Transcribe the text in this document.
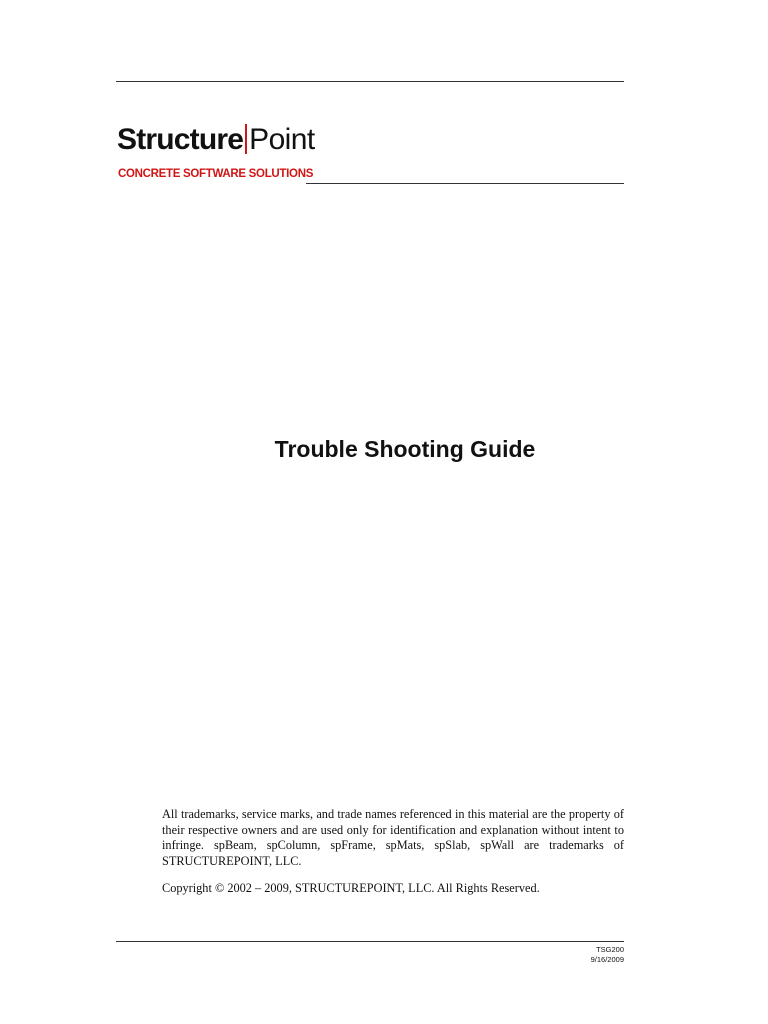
Structure Point
CONCRETE SOFTWARE SOLUTIONS
Trouble Shooting Guide

All trademarks, service marks, and trade names referenced in this material are the property of their respective owners and are used only for identification and explanation without intent to infringe. spBeam, spColumn, spFrame, spMats, spSlab, spWall are trademarks of STRUCTUREPOINT, LLC.

Copyright © 2002 – 2009, STRUCTUREPOINT, LLC. All Rights Reserved.
TSG200
9/16/2009
